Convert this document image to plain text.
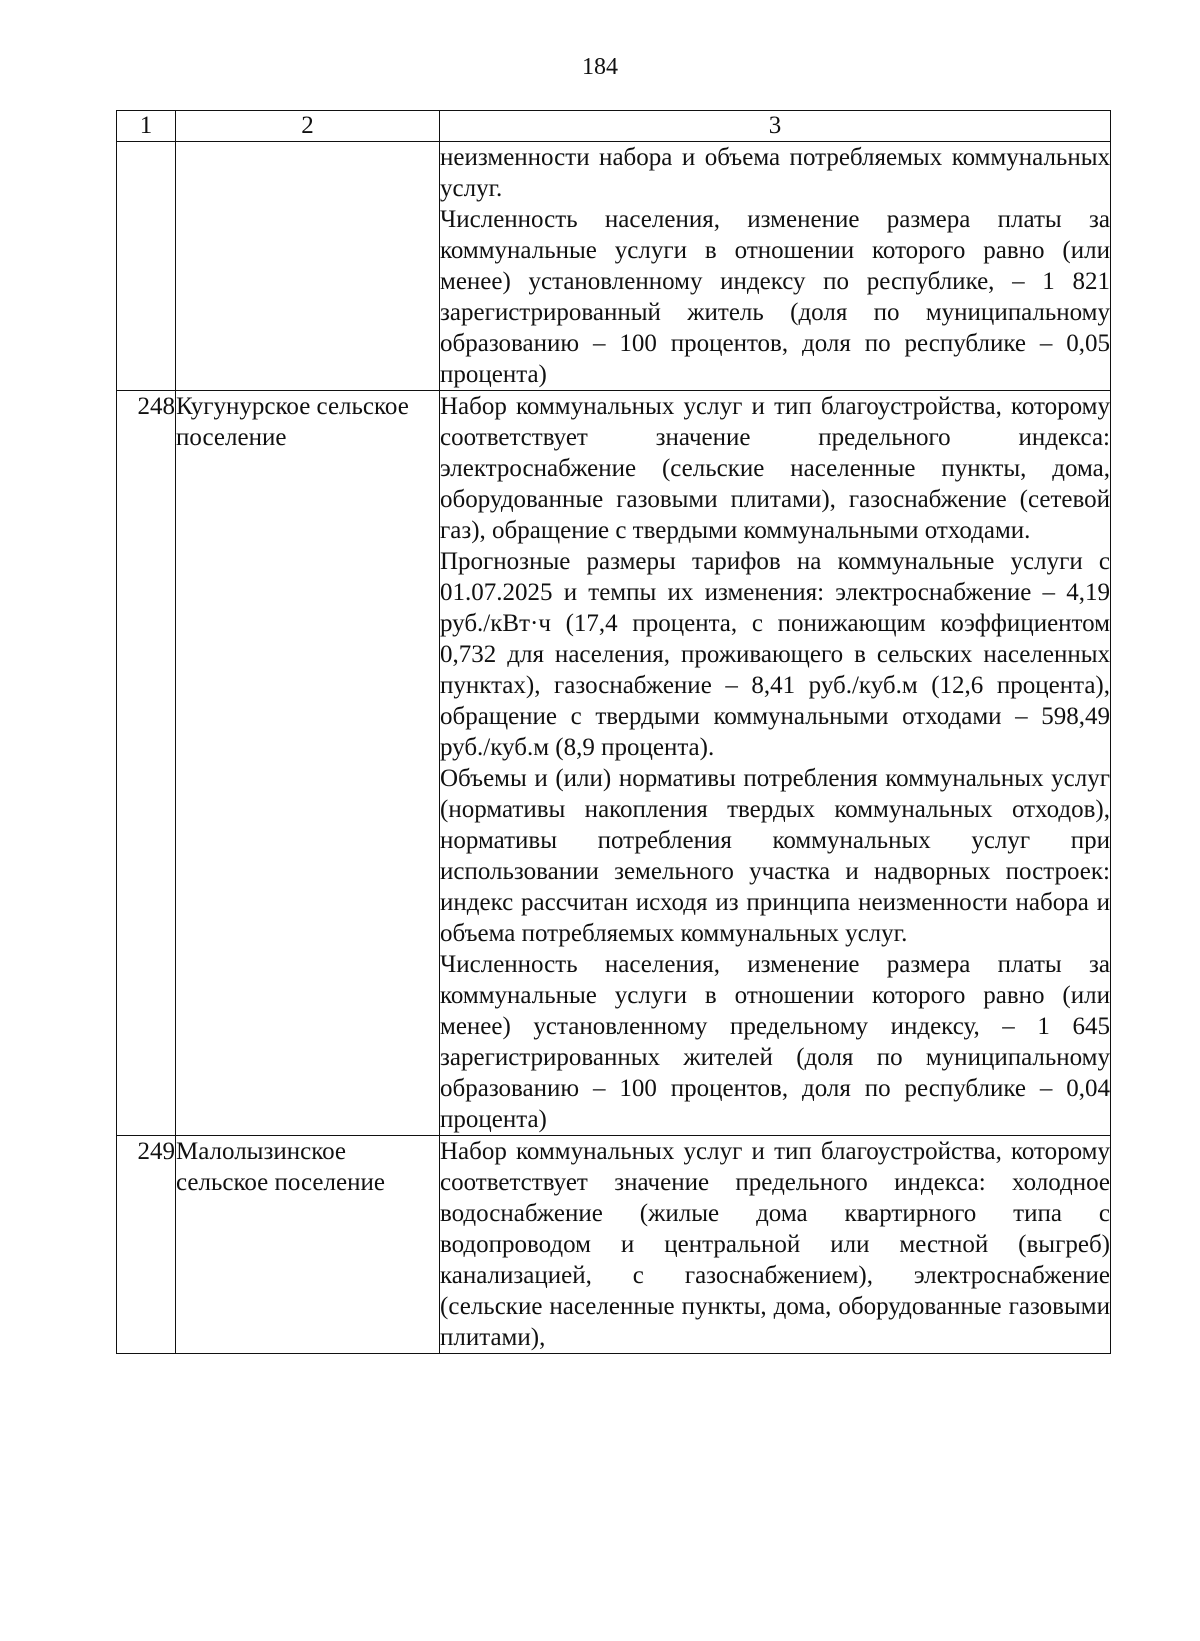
184
1	2	3

		неизменности набора и объема потребляемых коммунальных услуг.

Численность населения, изменение размера платы за коммунальные услуги в отношении которого равно (или менее) установленному индексу по республике, – 1 821 зарегистрированный житель (доля по муниципальному образованию – 100 процентов, доля по республике – 0,05 процента)

248	Кугунурское сельское поселение	Набор коммунальных услуг и тип благоустройства, которому соответствует значение предельного индекса: электроснабжение (сельские населенные пункты, дома, оборудованные газовыми плитами), газоснабжение (сетевой газ), обращение с твердыми коммунальными отходами.

Прогнозные размеры тарифов на коммунальные услуги с 01.07.2025 и темпы их изменения: электроснабжение – 4,19 руб./кВт·ч (17,4 процента, с понижающим коэффициентом 0,732 для населения, проживающего в сельских населенных пунктах), газоснабжение – 8,41 руб./куб.м (12,6 процента), обращение с твердыми коммунальными отходами – 598,49 руб./куб.м (8,9 процента).

Объемы и (или) нормативы потребления коммунальных услуг (нормативы накопления твердых коммунальных отходов), нормативы потребления коммунальных услуг при использовании земельного участка и надворных построек: индекс рассчитан исходя из принципа неизменности набора и объема потребляемых коммунальных услуг.

Численность населения, изменение размера платы за коммунальные услуги в отношении которого равно (или менее) установленному предельному индексу, – 1 645 зарегистрированных жителей (доля по муниципальному образованию – 100 процентов, доля по республике – 0,04 процента)

249	Малолызинское сельское поселение	Набор коммунальных услуг и тип благоустройства, которому соответствует значение предельного индекса: холодное водоснабжение (жилые дома квартирного типа с водопроводом и центральной или местной (выгреб) канализацией, с газоснабжением), электроснабжение (сельские населенные пункты, дома, оборудованные газовыми плитами),
